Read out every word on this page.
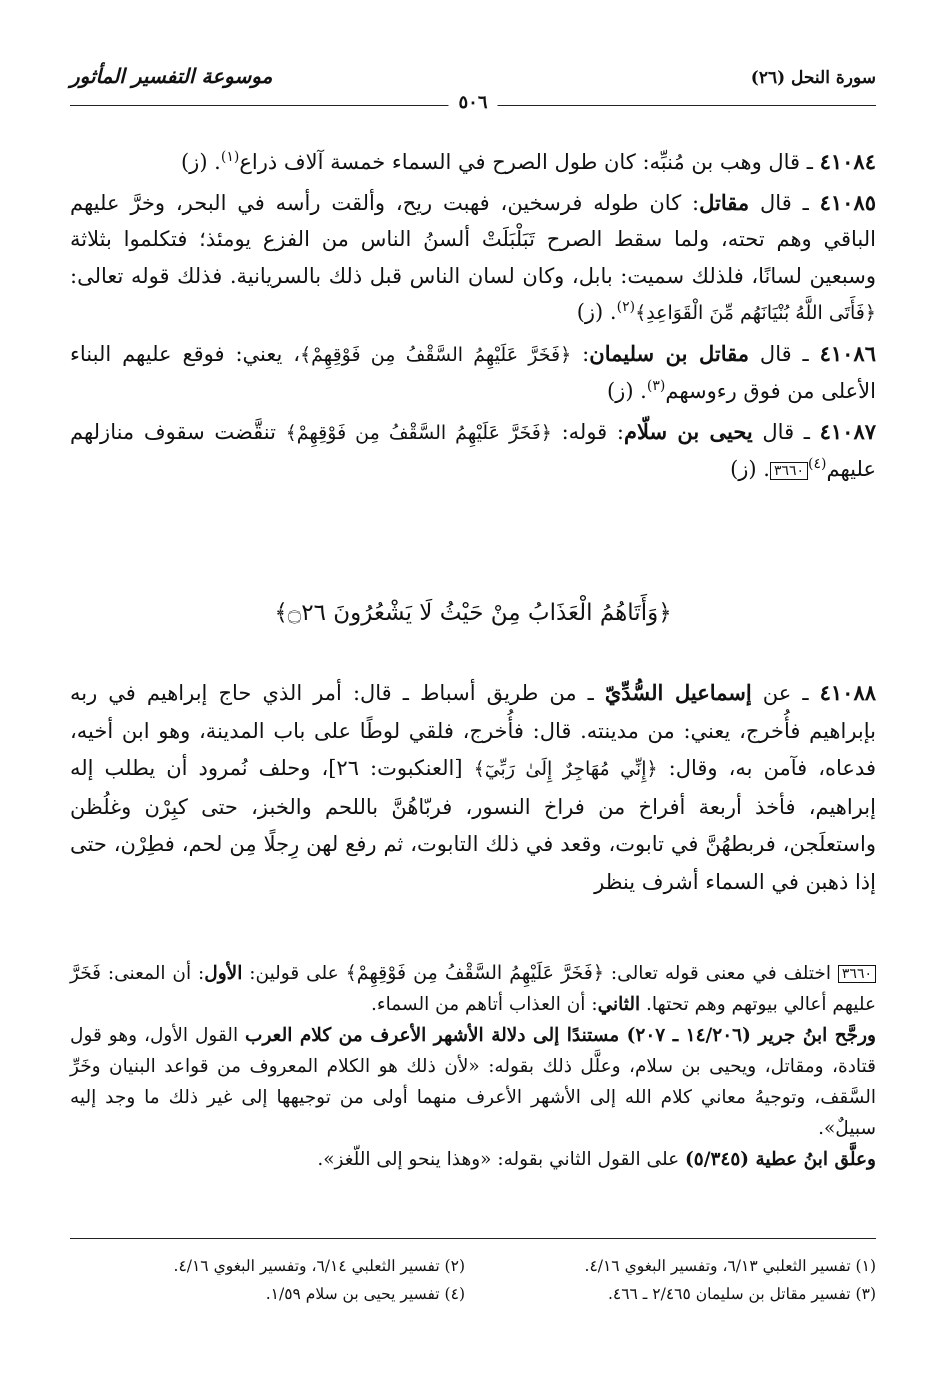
سورة النحل (٢٦)
موسوعة التفسير المأثور
٥٠٦

٤١٠٨٤ ـ قال وهب بن مُنبِّه: كان طول الصرح في السماء خمسة آلاف ذراع$^{(١)}$. (ز)

٤١٠٨٥ ـ قال مقاتل: كان طوله فرسخين، فهبت ريح، وألقت رأسه في البحر، وخرَّ عليهم الباقي وهم تحته، ولما سقط الصرح تَبَلْبَلَتْ ألسنُ الناس من الفزع يومئذ؛ فتكلموا بثلاثة وسبعين لسانًا، فلذلك سميت: بابل، وكان لسان الناس قبل ذلك بالسريانية. فذلك قوله تعالى: ﴿فَأَتَى اللَّهُ بُنْيَانَهُم مِّنَ الْقَوَاعِدِ﴾$^{(٢)}$. (ز)

٤١٠٨٦ ـ قال مقاتل بن سليمان: ﴿فَخَرَّ عَلَيْهِمُ السَّقْفُ مِن فَوْقِهِمْ﴾، يعني: فوقع عليهم البناء الأعلى من فوق رءوسهم$^{(٣)}$. (ز)

٤١٠٨٧ ـ قال يحيى بن سلّام: قوله: ﴿فَخَرَّ عَلَيْهِمُ السَّقْفُ مِن فَوْقِهِمْ﴾ تنقَّضت سقوف منازلهم عليهم$^{(٤)}$٣٦٦٠. (ز)

﴿وَأَتَاهُمُ الْعَذَابُ مِنْ حَيْثُ لَا يَشْعُرُونَ ۝٢٦﴾

٤١٠٨٨ ـ عن إسماعيل السُّدِّيّ ـ من طريق أسباط ـ قال: أمر الذي حاج إبراهيم في ربه بإبراهيم فأُخرج، يعني: من مدينته. قال: فأُخرج، فلقي لوطًا على باب المدينة، وهو ابن أخيه، فدعاه، فآمن به، وقال: ﴿إِنِّي مُهَاجِرٌ إِلَىٰ رَبِّيٓ﴾ [العنكبوت: ٢٦]، وحلف نُمرود أن يطلب إله إبراهيم، فأخذ أربعة أفراخ من فراخ النسور، فربّاهُنَّ باللحم والخبز، حتى كبِرْن وغلُظن واستعلَجن، فربطهُنَّ في تابوت، وقعد في ذلك التابوت، ثم رفع لهن رِجلًا مِن لحم، فطِرْن، حتى إذا ذهبن في السماء أشرف ينظر

٣٦٦٠ اختلف في معنى قوله تعالى: ﴿فَخَرَّ عَلَيْهِمُ السَّقْفُ مِن فَوْقِهِمْ﴾ على قولين: الأول: أن المعنى: فَخَرَّ عليهم أعالي بيوتهم وهم تحتها. الثاني: أن العذاب أتاهم من السماء.

ورجَّح ابنُ جرير (١٤/٢٠٦ ـ ٢٠٧) مستندًا إلى دلالة الأشهر الأعرف من كلام العرب القول الأول، وهو قول قتادة، ومقاتل، ويحيى بن سلام، وعلَّل ذلك بقوله: «لأن ذلك هو الكلام المعروف من قواعد البنيان وخَرِّ السَّقف، وتوجيهُ معاني كلام الله إلى الأشهر الأعرف منهما أولى من توجيهها إلى غير ذلك ما وجد إليه سبيلٌ».

وعلَّق ابنُ عطية (٥/٣٤٥) على القول الثاني بقوله: «وهذا ينحو إلى اللّغز».

(١) تفسير الثعلبي ٦/١٣، وتفسير البغوي ٤/١٦.
(٢) تفسير الثعلبي ٦/١٤، وتفسير البغوي ٤/١٦.
(٣) تفسير مقاتل بن سليمان ٢/٤٦٥ ـ ٤٦٦.
(٤) تفسير يحيى بن سلام ١/٥٩.
